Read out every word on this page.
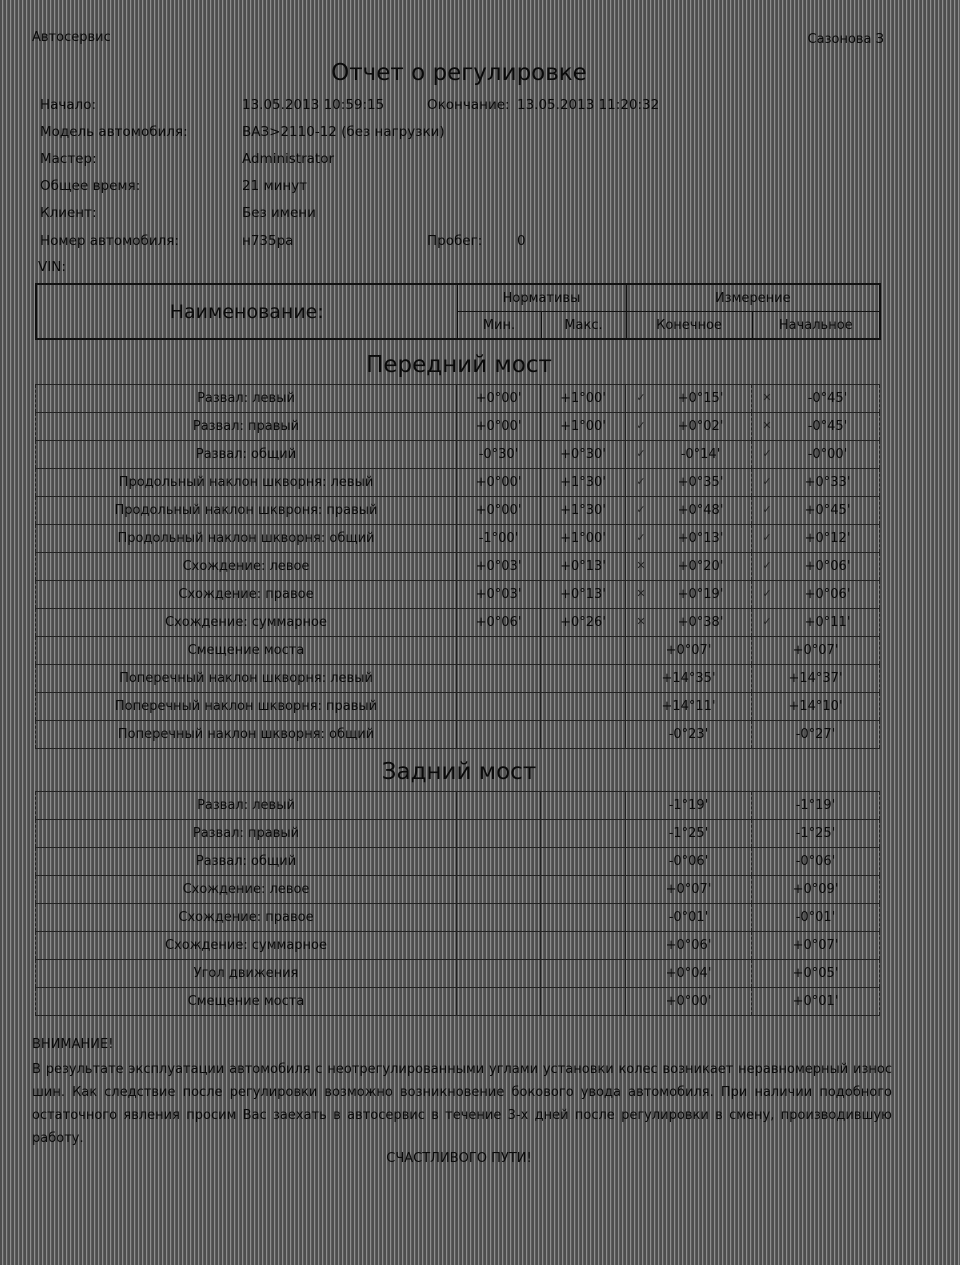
Автосервис	Сазонова З
Отчет о регулировке
Начало:	13.05.2013 10:59:15	Окончание: 13.05.2013 11:20:32
Модель автомобиля:	ВАЗ>2110-12 (без нагрузки)
Мастер:	Administrator
Общее время:	21 минут
Клиент:	Без имени
Номер автомобиля:	н735ра	Пробег:	0
VIN:
Наименование:	Нормативы		Измерение	
	Мин.	Макс.	Конечное	Начальное
Передний мост
Развал: левый	+0°00'	+1°00'	✓ +0°15'	✕ -0°45'
Развал: правый	+0°00'	+1°00'	✓ +0°02'	✕ -0°45'
Развал: общий	-0°30'	+0°30'	✓ -0°14'	✓ -0°00'
Продольный наклон шкворня: левый	+0°00'	+1°30'	✓ +0°35'	✓ +0°33'
Продольный наклон шквроня: правый	+0°00'	+1°30'	✓ +0°48'	✓ +0°45'
Продольный наклон шкворня: общий	-1°00'	+1°00'	✓ +0°13'	✓ +0°12'
Схождение: левое	+0°03'	+0°13'	✕ +0°20'	✓ +0°06'
Схождение: правое	+0°03'	+0°13'	✕ +0°19'	✓ +0°06'
Схождение: суммарное	+0°06'	+0°26'	✕ +0°38'	✓ +0°11'
Смещение моста			+0°07'	+0°07'
Поперечный наклон шкворня: левый			+14°35'	+14°37'
Поперечный наклон шкворня: правый			+14°11'	+14°10'
Поперечный наклон шкворня: общий			-0°23'	-0°27'
Задний мост
Развал: левый			-1°19'	-1°19'
Развал: правый			-1°25'	-1°25'
Развал: общий			-0°06'	-0°06'
Схождение: левое			+0°07'	+0°09'
Схождение: правое			-0°01'	-0°01'
Схождение: суммарное			+0°06'	+0°07'
Угол движения			+0°04'	+0°05'
Смещение моста			+0°00'	+0°01'
ВНИМАНИЕ!
В результате эксплуатации автомобиля с неотрегулированными углами установки колес возникает неравномерный износ шин. Как следствие после регулировки возможно возникновение бокового увода автомобиля. При наличии подобного остаточного явления просим Вас заехать в автосервис в течение 3-х дней после регулировки в смену, производившую работу.
СЧАСТЛИВОГО ПУТИ!
